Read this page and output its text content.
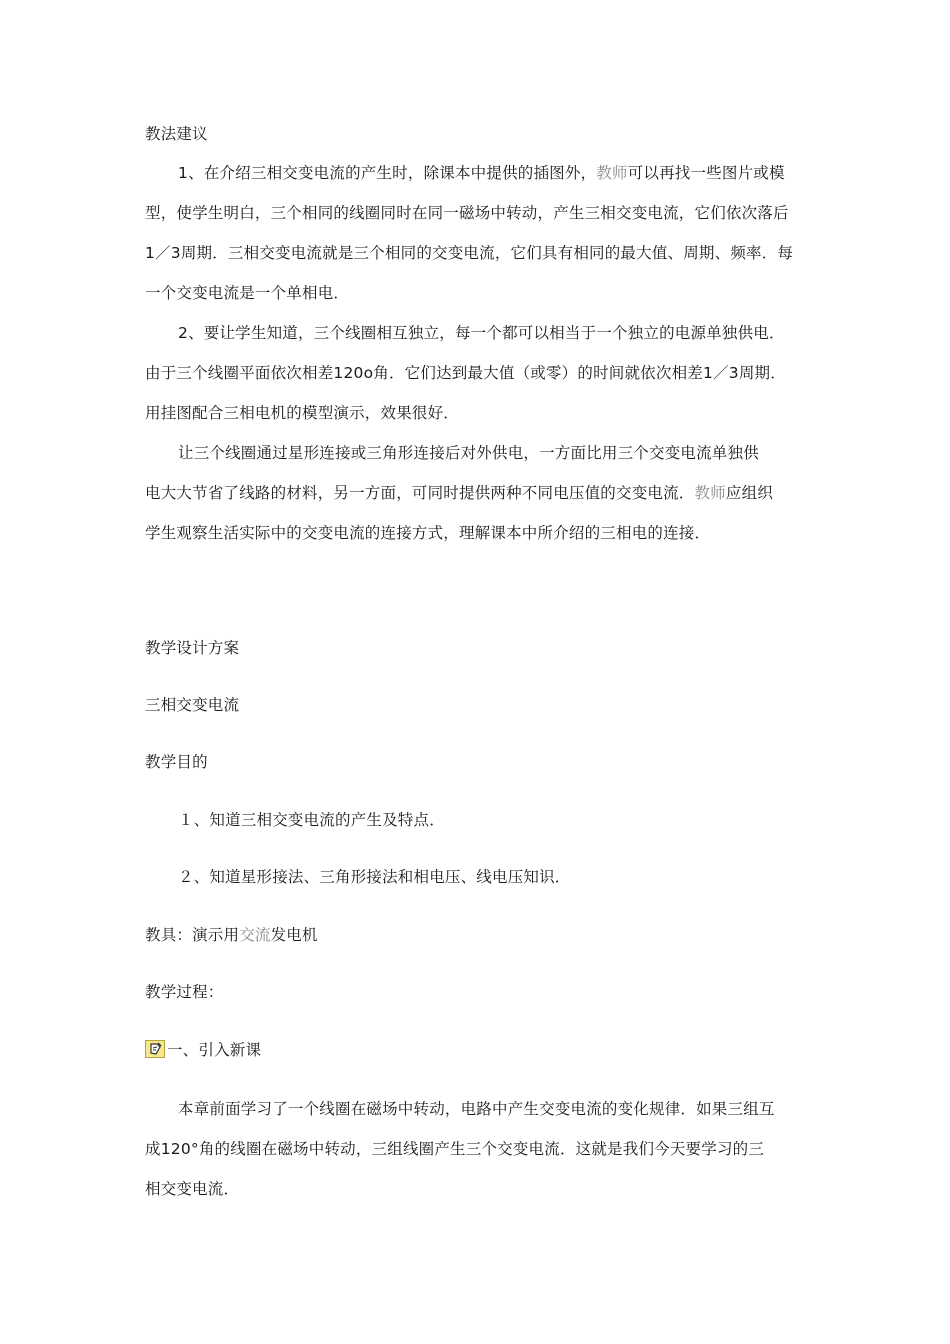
教法建议
1、在介绍三相交变电流的产生时，除课本中提供的插图外，教师可以再找一些图片或模
型，使学生明白，三个相同的线圈同时在同一磁场中转动，产生三相交变电流，它们依次落后
1／3周期．三相交变电流就是三个相同的交变电流，它们具有相同的最大值、周期、频率．每
一个交变电流是一个单相电．
2、要让学生知道，三个线圈相互独立，每一个都可以相当于一个独立的电源单独供电．
由于三个线圈平面依次相差120o角．它们达到最大值（或零）的时间就依次相差1／3周期．
用挂图配合三相电机的模型演示，效果很好．
让三个线圈通过星形连接或三角形连接后对外供电，一方面比用三个交变电流单独供
电大大节省了线路的材料，另一方面，可同时提供两种不同电压值的交变电流．教师应组织
学生观察生活实际中的交变电流的连接方式，理解课本中所介绍的三相电的连接．
教学设计方案
三相交变电流
教学目的
１、知道三相交变电流的产生及特点．
２、知道星形接法、三角形接法和相电压、线电压知识．
教具：演示用交流发电机
教学过程：
一、引入新课
本章前面学习了一个线圈在磁场中转动，电路中产生交变电流的变化规律．如果三组互
成120°角的线圈在磁场中转动，三组线圈产生三个交变电流．这就是我们今天要学习的三
相交变电流．
